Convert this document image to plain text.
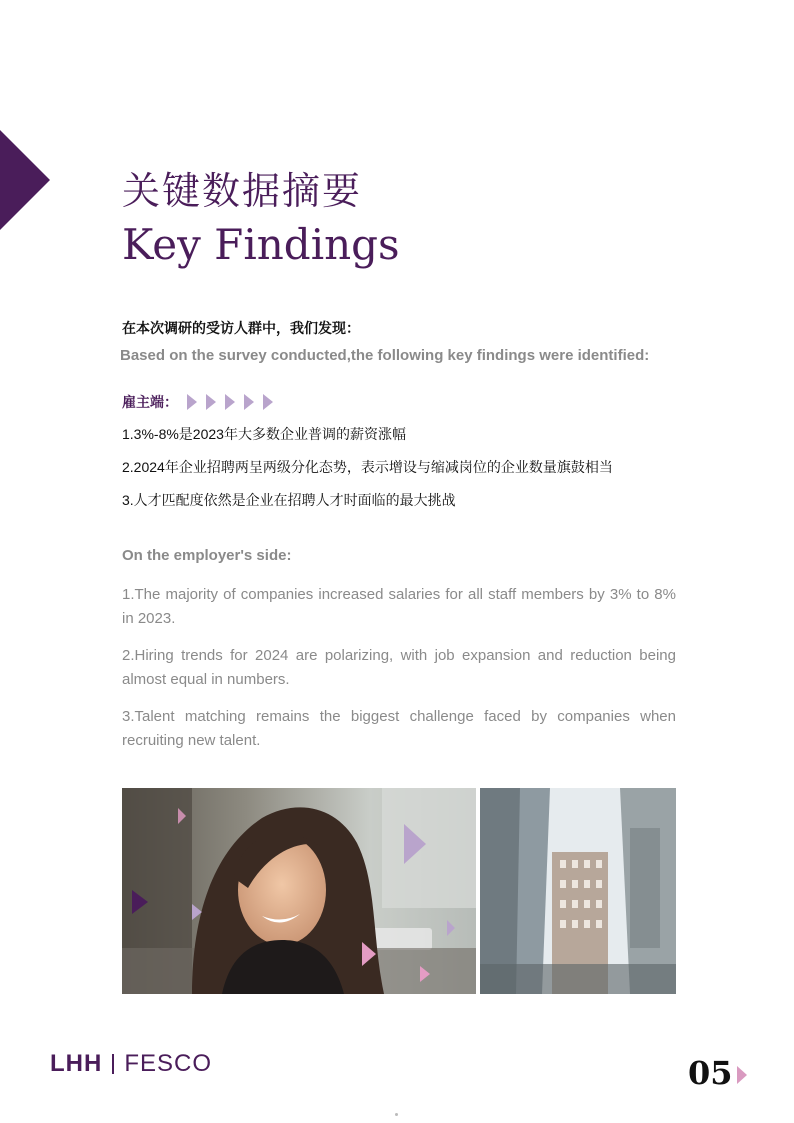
关键数据摘要
Key Findings
在本次调研的受访人群中，我们发现：
Based on the survey conducted,the following key findings were identified:
雇主端：
1.3%-8%是2023年大多数企业普调的薪资涨幅
2.2024年企业招聘两呈两级分化态势，表示增设与缩减岗位的企业数量旗鼓相当
3.人才匹配度依然是企业在招聘人才时面临的最大挑战
On the employer's side:
1.The majority of companies increased salaries for all staff members by 3% to 8% in 2023.
2.Hiring trends for 2024 are polarizing, with job expansion and reduction being almost equal in numbers.
3.Talent matching remains the biggest challenge faced by companies when recruiting new talent.
LHH FESCO	05
